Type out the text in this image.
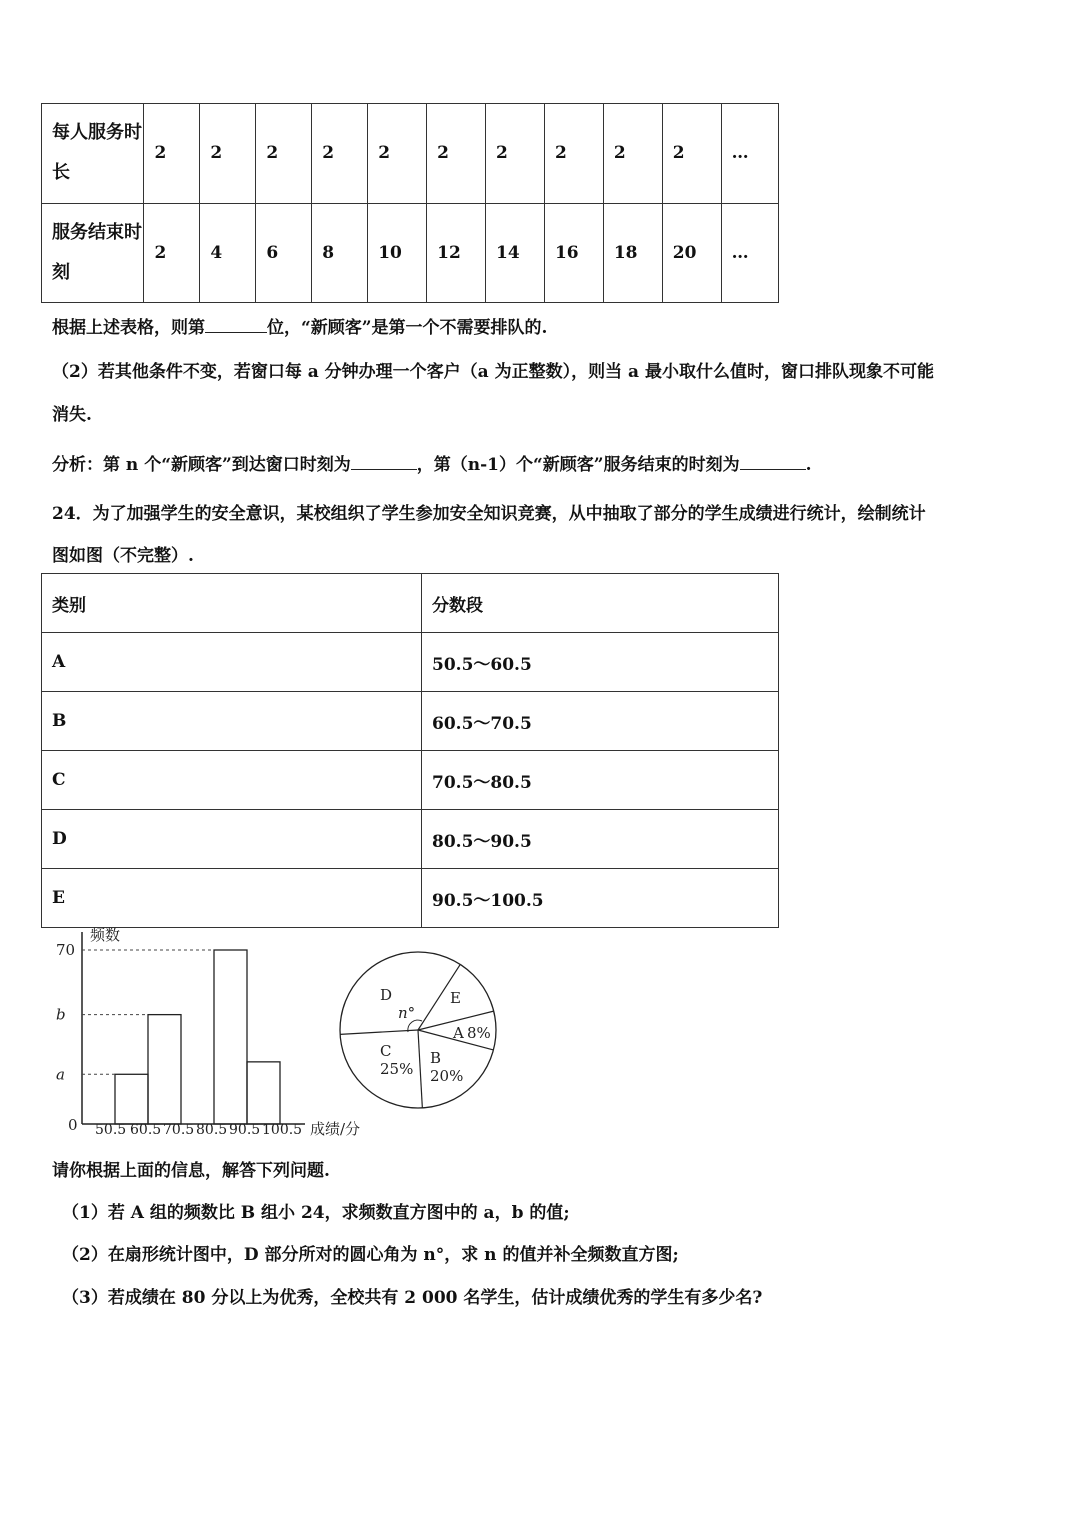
每人服务时
长	2	2	2	2	2	2	2	2	2	2	…
服务结束时
刻	2	4	6	8	10	12	14	16	18	20	…
根据上述表格，则第	位，“新顾客”是第一个不需要排队的.
（2）若其他条件不变，若窗口每 a 分钟办理一个客户（a 为正整数），则当 a 最小取什么值时，窗口排队现象不可能
消失.
分析：第 n 个“新顾客”到达窗口时刻为	，第（n-1）个“新顾客”服务结束的时刻为	.
24．为了加强学生的安全意识，某校组织了学生参加安全知识竞赛，从中抽取了部分的学生成绩进行统计，绘制统计
图如图（不完整）.
类别	分数段
A	50.5～60.5
B	60.5～70.5
C	70.5～80.5
D	80.5～90.5
E	90.5～100.5
0
a
b
70
50.5 60.5 70.5 80.5 90.5 100.5
频数
成绩/分
A 8%
B
20%
C
25%
D
n°
E
请你根据上面的信息，解答下列问题.
（1）若 A 组的频数比 B 组小 24，求频数直方图中的 a，b 的值;
（2）在扇形统计图中，D 部分所对的圆心角为 n°，求 n 的值并补全频数直方图;
（3）若成绩在 80 分以上为优秀，全校共有 2 000 名学生，估计成绩优秀的学生有多少名?
